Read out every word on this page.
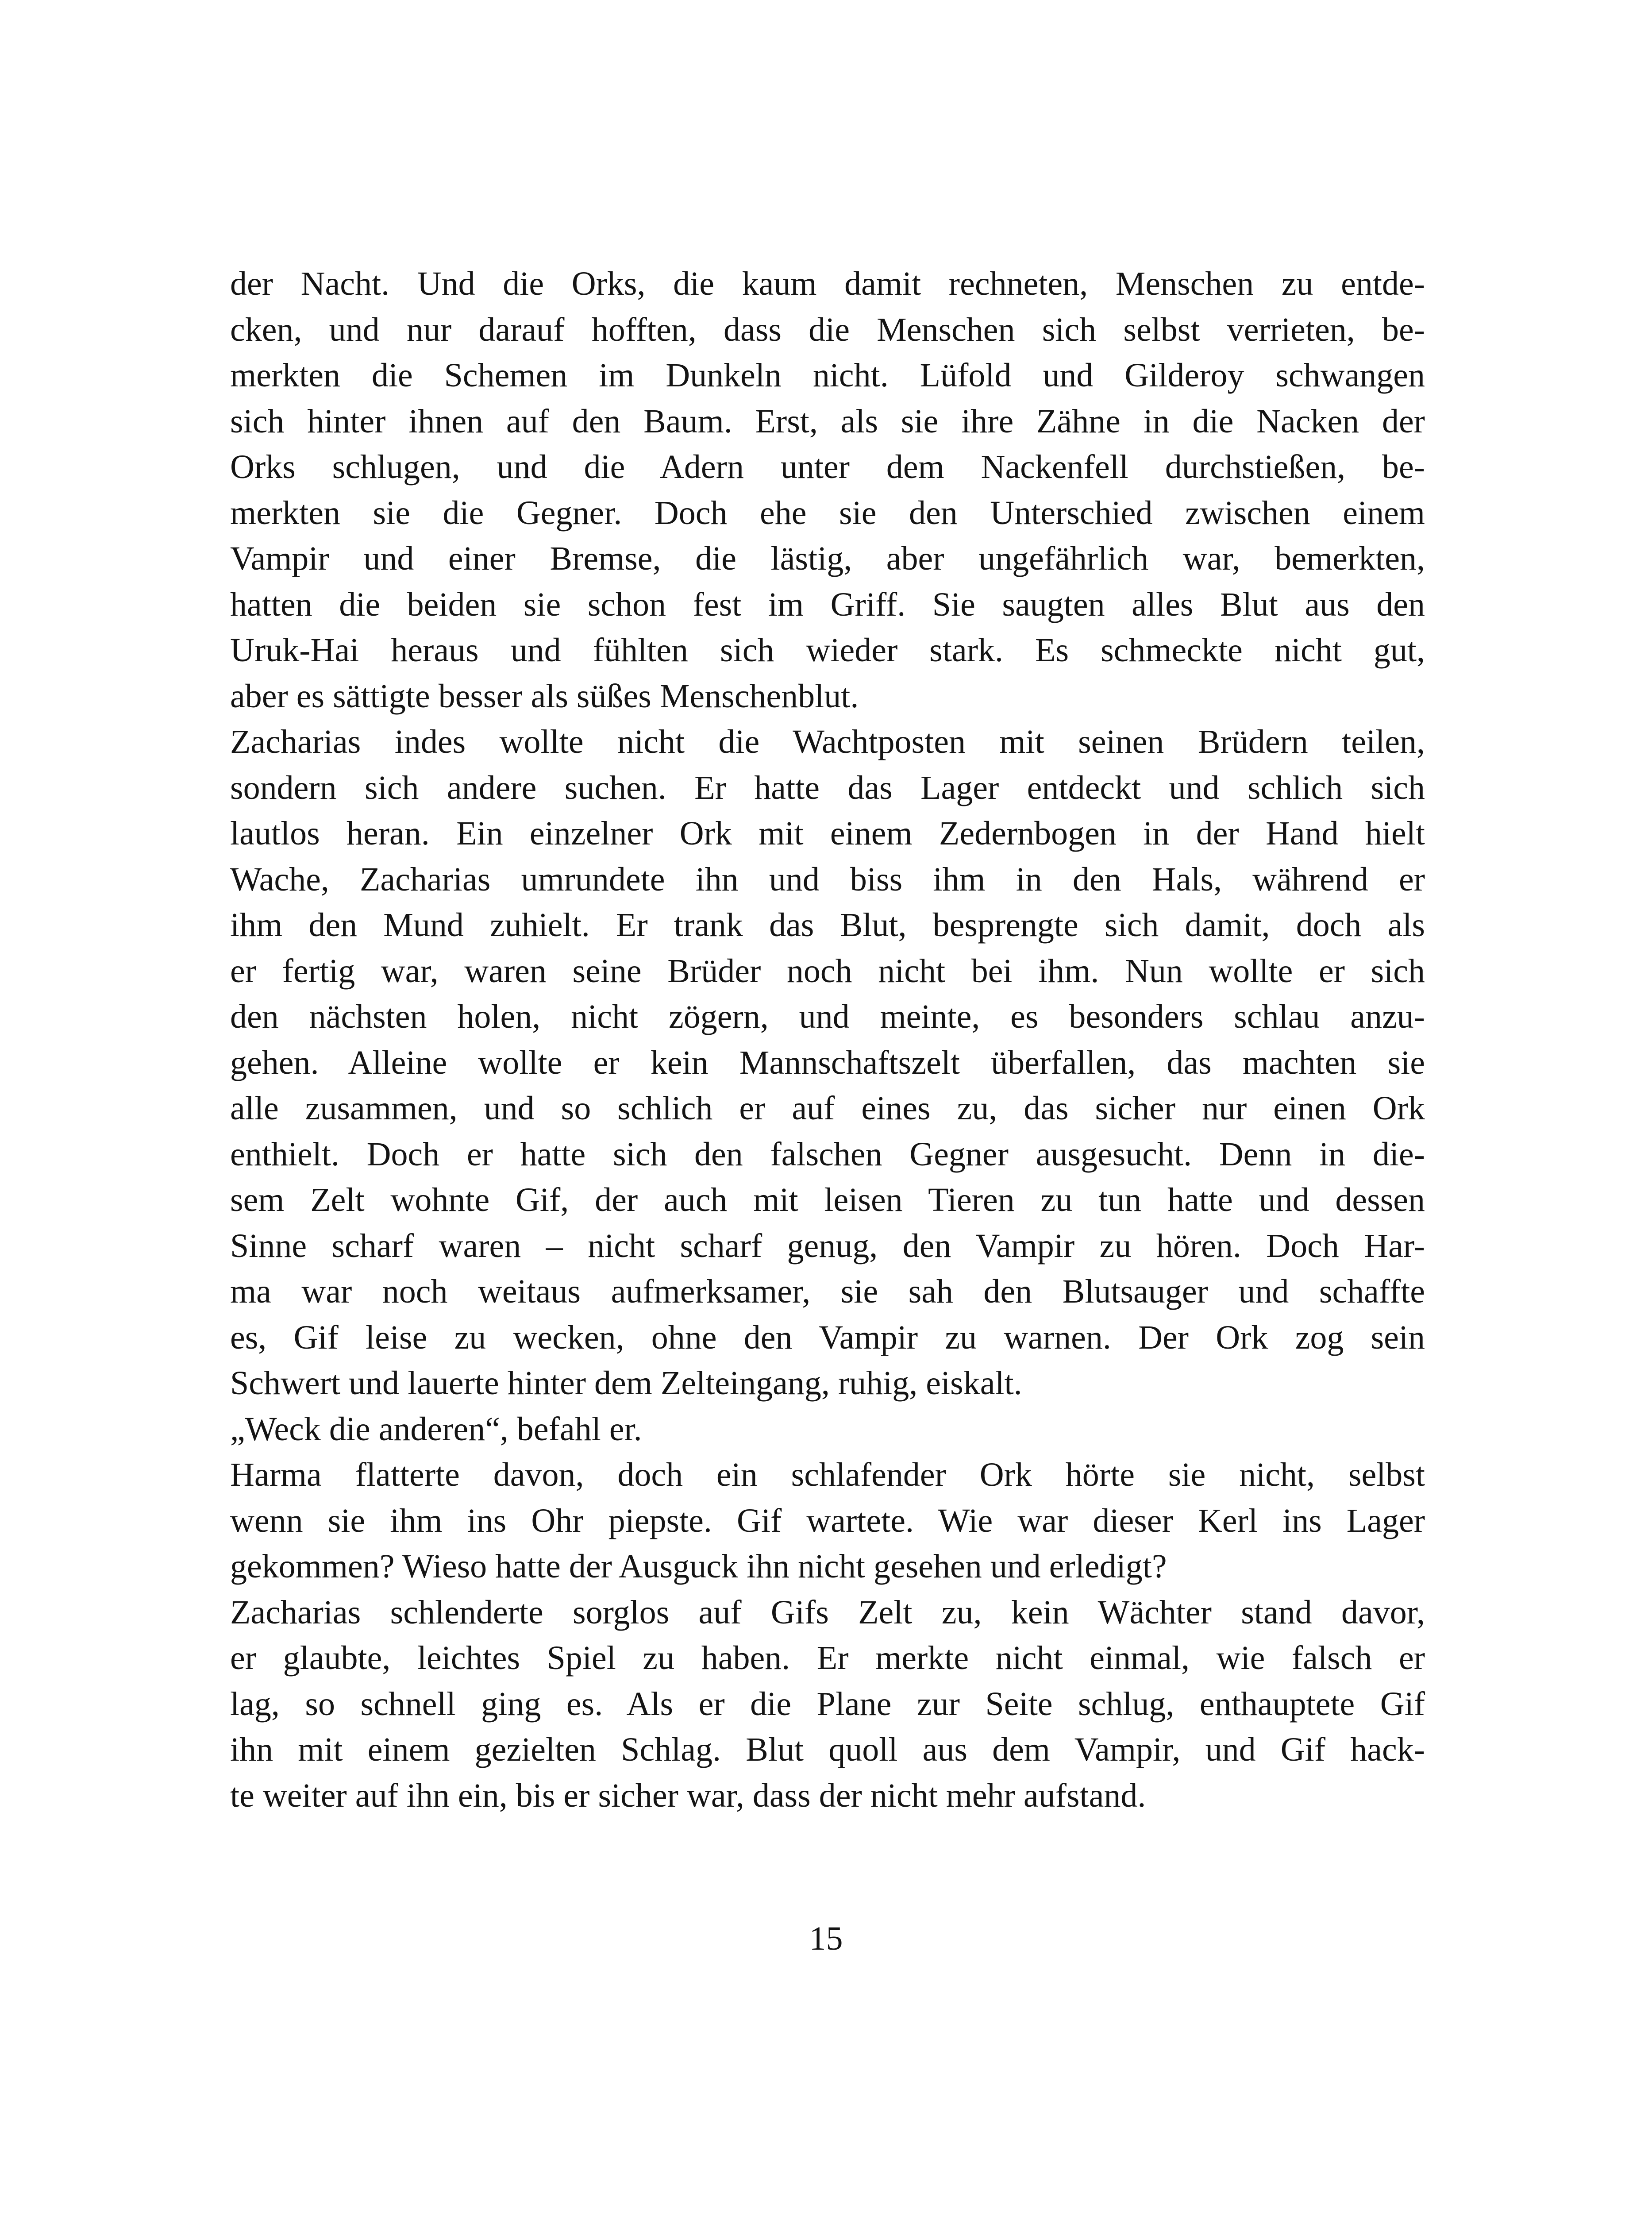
der Nacht. Und die Orks, die kaum damit rechneten, Menschen zu entde-
cken, und nur darauf hofften, dass die Menschen sich selbst verrieten, be-
merkten die Schemen im Dunkeln nicht. Lüfold und Gilderoy schwangen
sich hinter ihnen auf den Baum. Erst, als sie ihre Zähne in die Nacken der
Orks schlugen, und die Adern unter dem Nackenfell durchstießen, be-
merkten sie die Gegner. Doch ehe sie den Unterschied zwischen einem
Vampir und einer Bremse, die lästig, aber ungefährlich war, bemerkten,
hatten die beiden sie schon fest im Griff. Sie saugten alles Blut aus den
Uruk-Hai heraus und fühlten sich wieder stark. Es schmeckte nicht gut,
aber es sättigte besser als süßes Menschenblut.
Zacharias indes wollte nicht die Wachtposten mit seinen Brüdern teilen,
sondern sich andere suchen. Er hatte das Lager entdeckt und schlich sich
lautlos heran. Ein einzelner Ork mit einem Zedernbogen in der Hand hielt
Wache, Zacharias umrundete ihn und biss ihm in den Hals, während er
ihm den Mund zuhielt. Er trank das Blut, besprengte sich damit, doch als
er fertig war, waren seine Brüder noch nicht bei ihm. Nun wollte er sich
den nächsten holen, nicht zögern, und meinte, es besonders schlau anzu-
gehen. Alleine wollte er kein Mannschaftszelt überfallen, das machten sie
alle zusammen, und so schlich er auf eines zu, das sicher nur einen Ork
enthielt. Doch er hatte sich den falschen Gegner ausgesucht. Denn in die-
sem Zelt wohnte Gif, der auch mit leisen Tieren zu tun hatte und dessen
Sinne scharf waren – nicht scharf genug, den Vampir zu hören. Doch Har-
ma war noch weitaus aufmerksamer, sie sah den Blutsauger und schaffte
es, Gif leise zu wecken, ohne den Vampir zu warnen. Der Ork zog sein
Schwert und lauerte hinter dem Zelteingang, ruhig, eiskalt.
„Weck die anderen“, befahl er.
Harma flatterte davon, doch ein schlafender Ork hörte sie nicht, selbst
wenn sie ihm ins Ohr piepste. Gif wartete. Wie war dieser Kerl ins Lager
gekommen? Wieso hatte der Ausguck ihn nicht gesehen und erledigt?
Zacharias schlenderte sorglos auf Gifs Zelt zu, kein Wächter stand davor,
er glaubte, leichtes Spiel zu haben. Er merkte nicht einmal, wie falsch er
lag, so schnell ging es. Als er die Plane zur Seite schlug, enthauptete Gif
ihn mit einem gezielten Schlag. Blut quoll aus dem Vampir, und Gif hack-
te weiter auf ihn ein, bis er sicher war, dass der nicht mehr aufstand.
15
